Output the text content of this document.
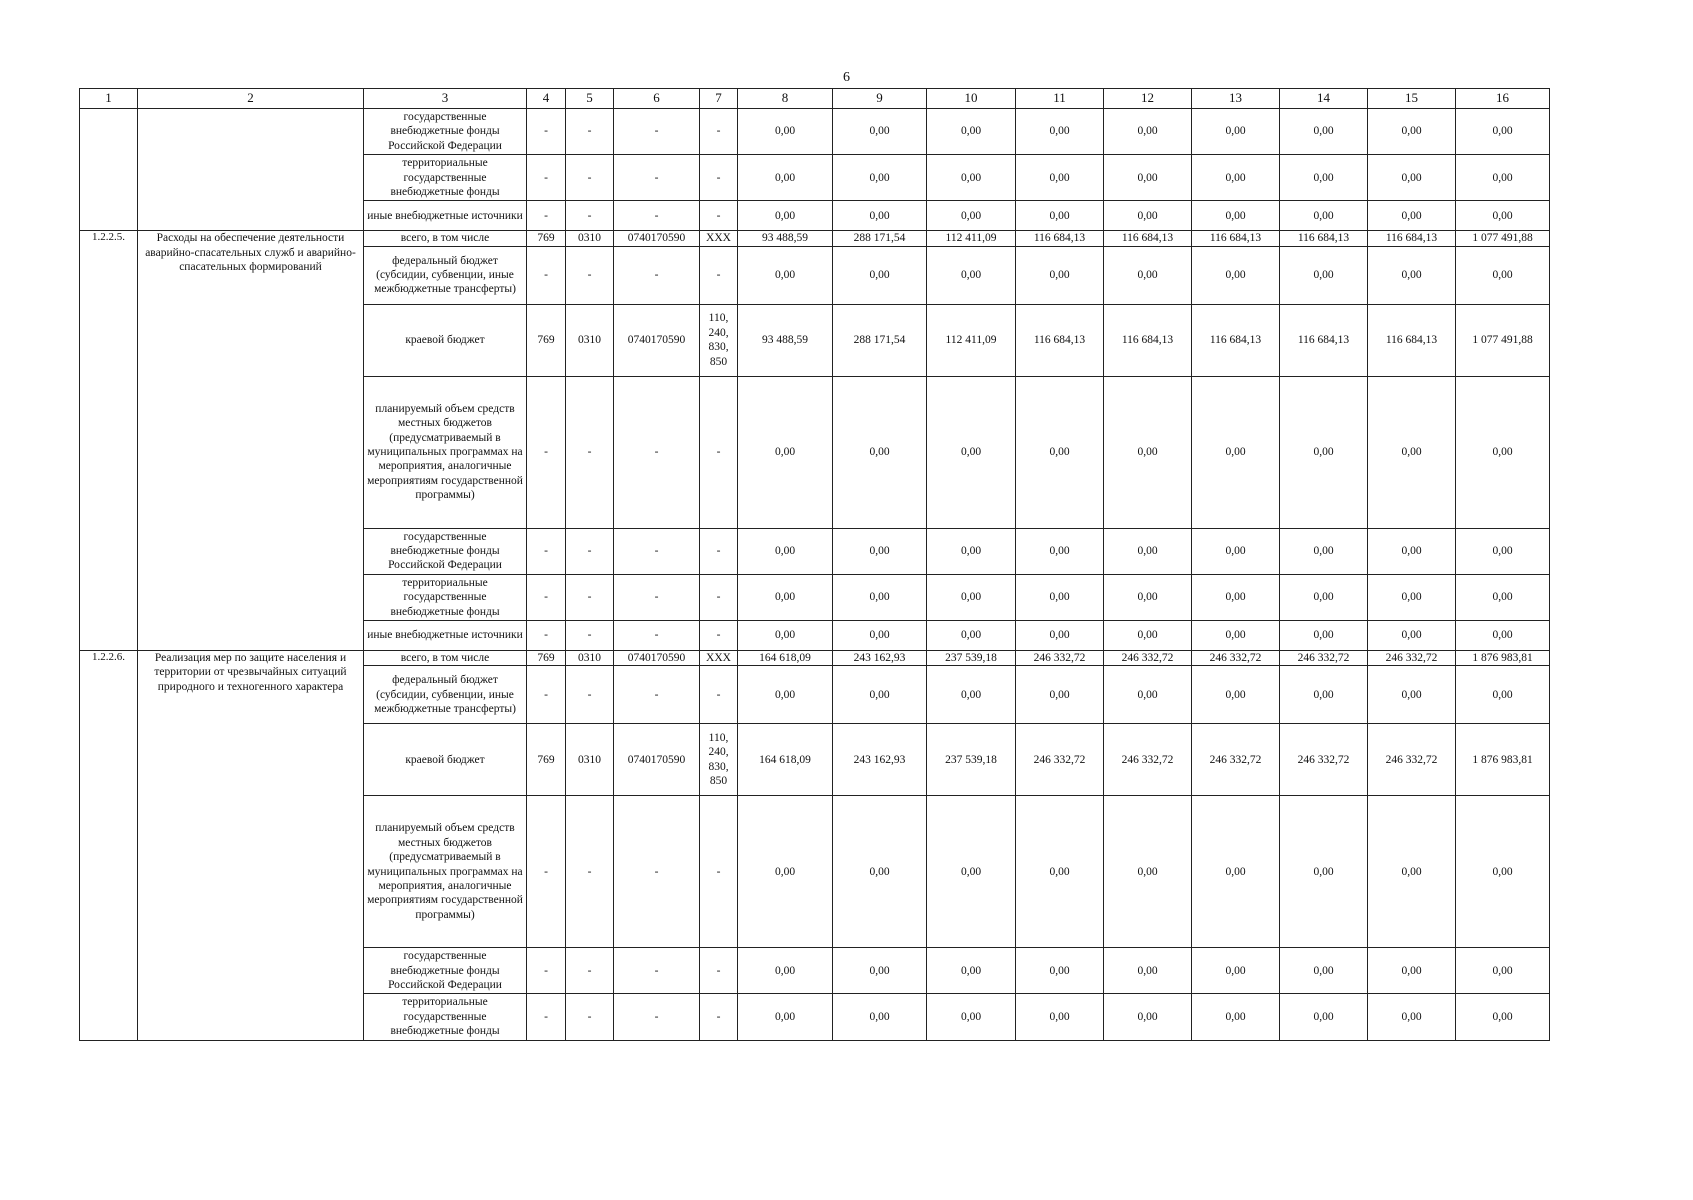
6
1	2	3	4	5	6	7	8	9	10	11	12	13	14	15	16
		государственные внебюджетные фонды Российской Федерации	-	-	-	-	0,00	0,00	0,00	0,00	0,00	0,00	0,00	0,00	0,00
		территориальные государственные внебюджетные фонды	-	-	-	-	0,00	0,00	0,00	0,00	0,00	0,00	0,00	0,00	0,00
		иные внебюджетные источники	-	-	-	-	0,00	0,00	0,00	0,00	0,00	0,00	0,00	0,00	0,00
1.2.2.5.	Расходы на обеспечение деятельности аварийно-спасательных служб и аварийно-спасательных формирований	всего, в том числе	769	0310	0740170590	XXX	93 488,59	288 171,54	112 411,09	116 684,13	116 684,13	116 684,13	116 684,13	116 684,13	1 077 491,88
		федеральный бюджет (субсидии, субвенции, иные межбюджетные трансферты)	-	-	-	-	0,00	0,00	0,00	0,00	0,00	0,00	0,00	0,00	0,00
		краевой бюджет	769	0310	0740170590	110, 240, 830, 850	93 488,59	288 171,54	112 411,09	116 684,13	116 684,13	116 684,13	116 684,13	116 684,13	1 077 491,88
		планируемый объем средств местных бюджетов (предусматриваемый в муниципальных программах на мероприятия, аналогичные мероприятиям государственной программы)	-	-	-	-	0,00	0,00	0,00	0,00	0,00	0,00	0,00	0,00	0,00
		государственные внебюджетные фонды Российской Федерации	-	-	-	-	0,00	0,00	0,00	0,00	0,00	0,00	0,00	0,00	0,00
		территориальные государственные внебюджетные фонды	-	-	-	-	0,00	0,00	0,00	0,00	0,00	0,00	0,00	0,00	0,00
		иные внебюджетные источники	-	-	-	-	0,00	0,00	0,00	0,00	0,00	0,00	0,00	0,00	0,00
1.2.2.6.	Реализация мер по защите населения и территории от чрезвычайных ситуаций природного и техногенного характера	всего, в том числе	769	0310	0740170590	XXX	164 618,09	243 162,93	237 539,18	246 332,72	246 332,72	246 332,72	246 332,72	246 332,72	1 876 983,81
		федеральный бюджет (субсидии, субвенции, иные межбюджетные трансферты)	-	-	-	-	0,00	0,00	0,00	0,00	0,00	0,00	0,00	0,00	0,00
		краевой бюджет	769	0310	0740170590	110, 240, 830, 850	164 618,09	243 162,93	237 539,18	246 332,72	246 332,72	246 332,72	246 332,72	246 332,72	1 876 983,81
		планируемый объем средств местных бюджетов (предусматриваемый в муниципальных программах на мероприятия, аналогичные мероприятиям государственной программы)	-	-	-	-	0,00	0,00	0,00	0,00	0,00	0,00	0,00	0,00	0,00
		государственные внебюджетные фонды Российской Федерации	-	-	-	-	0,00	0,00	0,00	0,00	0,00	0,00	0,00	0,00	0,00
		территориальные государственные внебюджетные фонды	-	-	-	-	0,00	0,00	0,00	0,00	0,00	0,00	0,00	0,00	0,00
